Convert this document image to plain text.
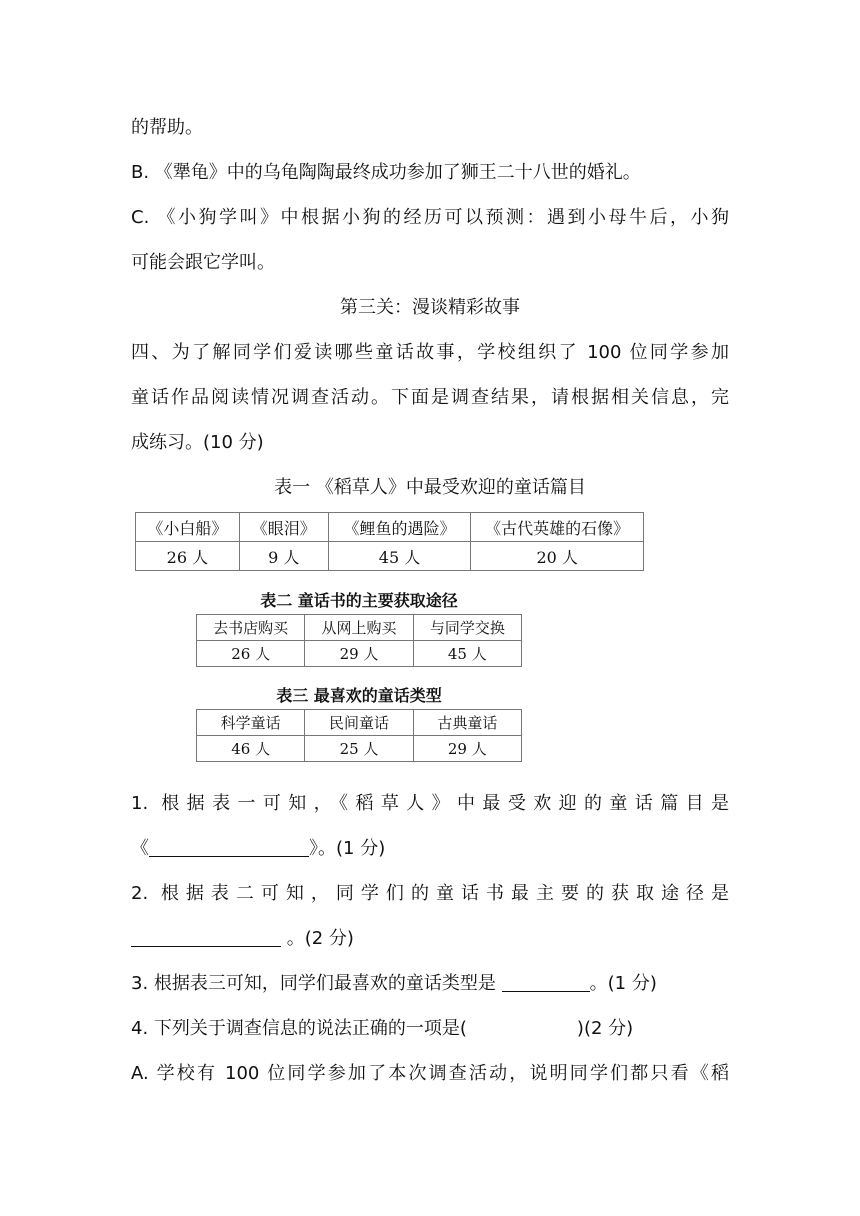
的帮助。
B. 《犟龟》中的乌龟陶陶最终成功参加了狮王二十八世的婚礼。
C. 《小狗学叫》中根据小狗的经历可以预测：遇到小母牛后，小狗
可能会跟它学叫。
第三关：漫谈精彩故事
四、为了解同学们爱读哪些童话故事，学校组织了 100 位同学参加
童话作品阅读情况调查活动。下面是调查结果，请根据相关信息，完
成练习。(10 分)
表一 《稻草人》中最受欢迎的童话篇目
《小白船》	《眼泪》	《鲤鱼的遇险》	《古代英雄的石像》
26 人	9 人	45 人	20 人
表二 童话书的主要获取途径
去书店购买	从网上购买	与同学交换
26 人	29 人	45 人
表三 最喜欢的童话类型
科学童话	民间童话	古典童话
46 人	25 人	29 人
1. 根据表一可知，《稻草人》中最受欢迎的童话篇目是
《	》。(1 分)
2. 根据表二可知，同学们的童话书最主要的获取途径是
。(2 分)
3. 根据表三可知，同学们最喜欢的童话类型是	。(1 分)
4. 下列关于调查信息的说法正确的一项是(	)(2 分)
A. 学校有 100 位同学参加了本次调查活动，说明同学们都只看《稻
